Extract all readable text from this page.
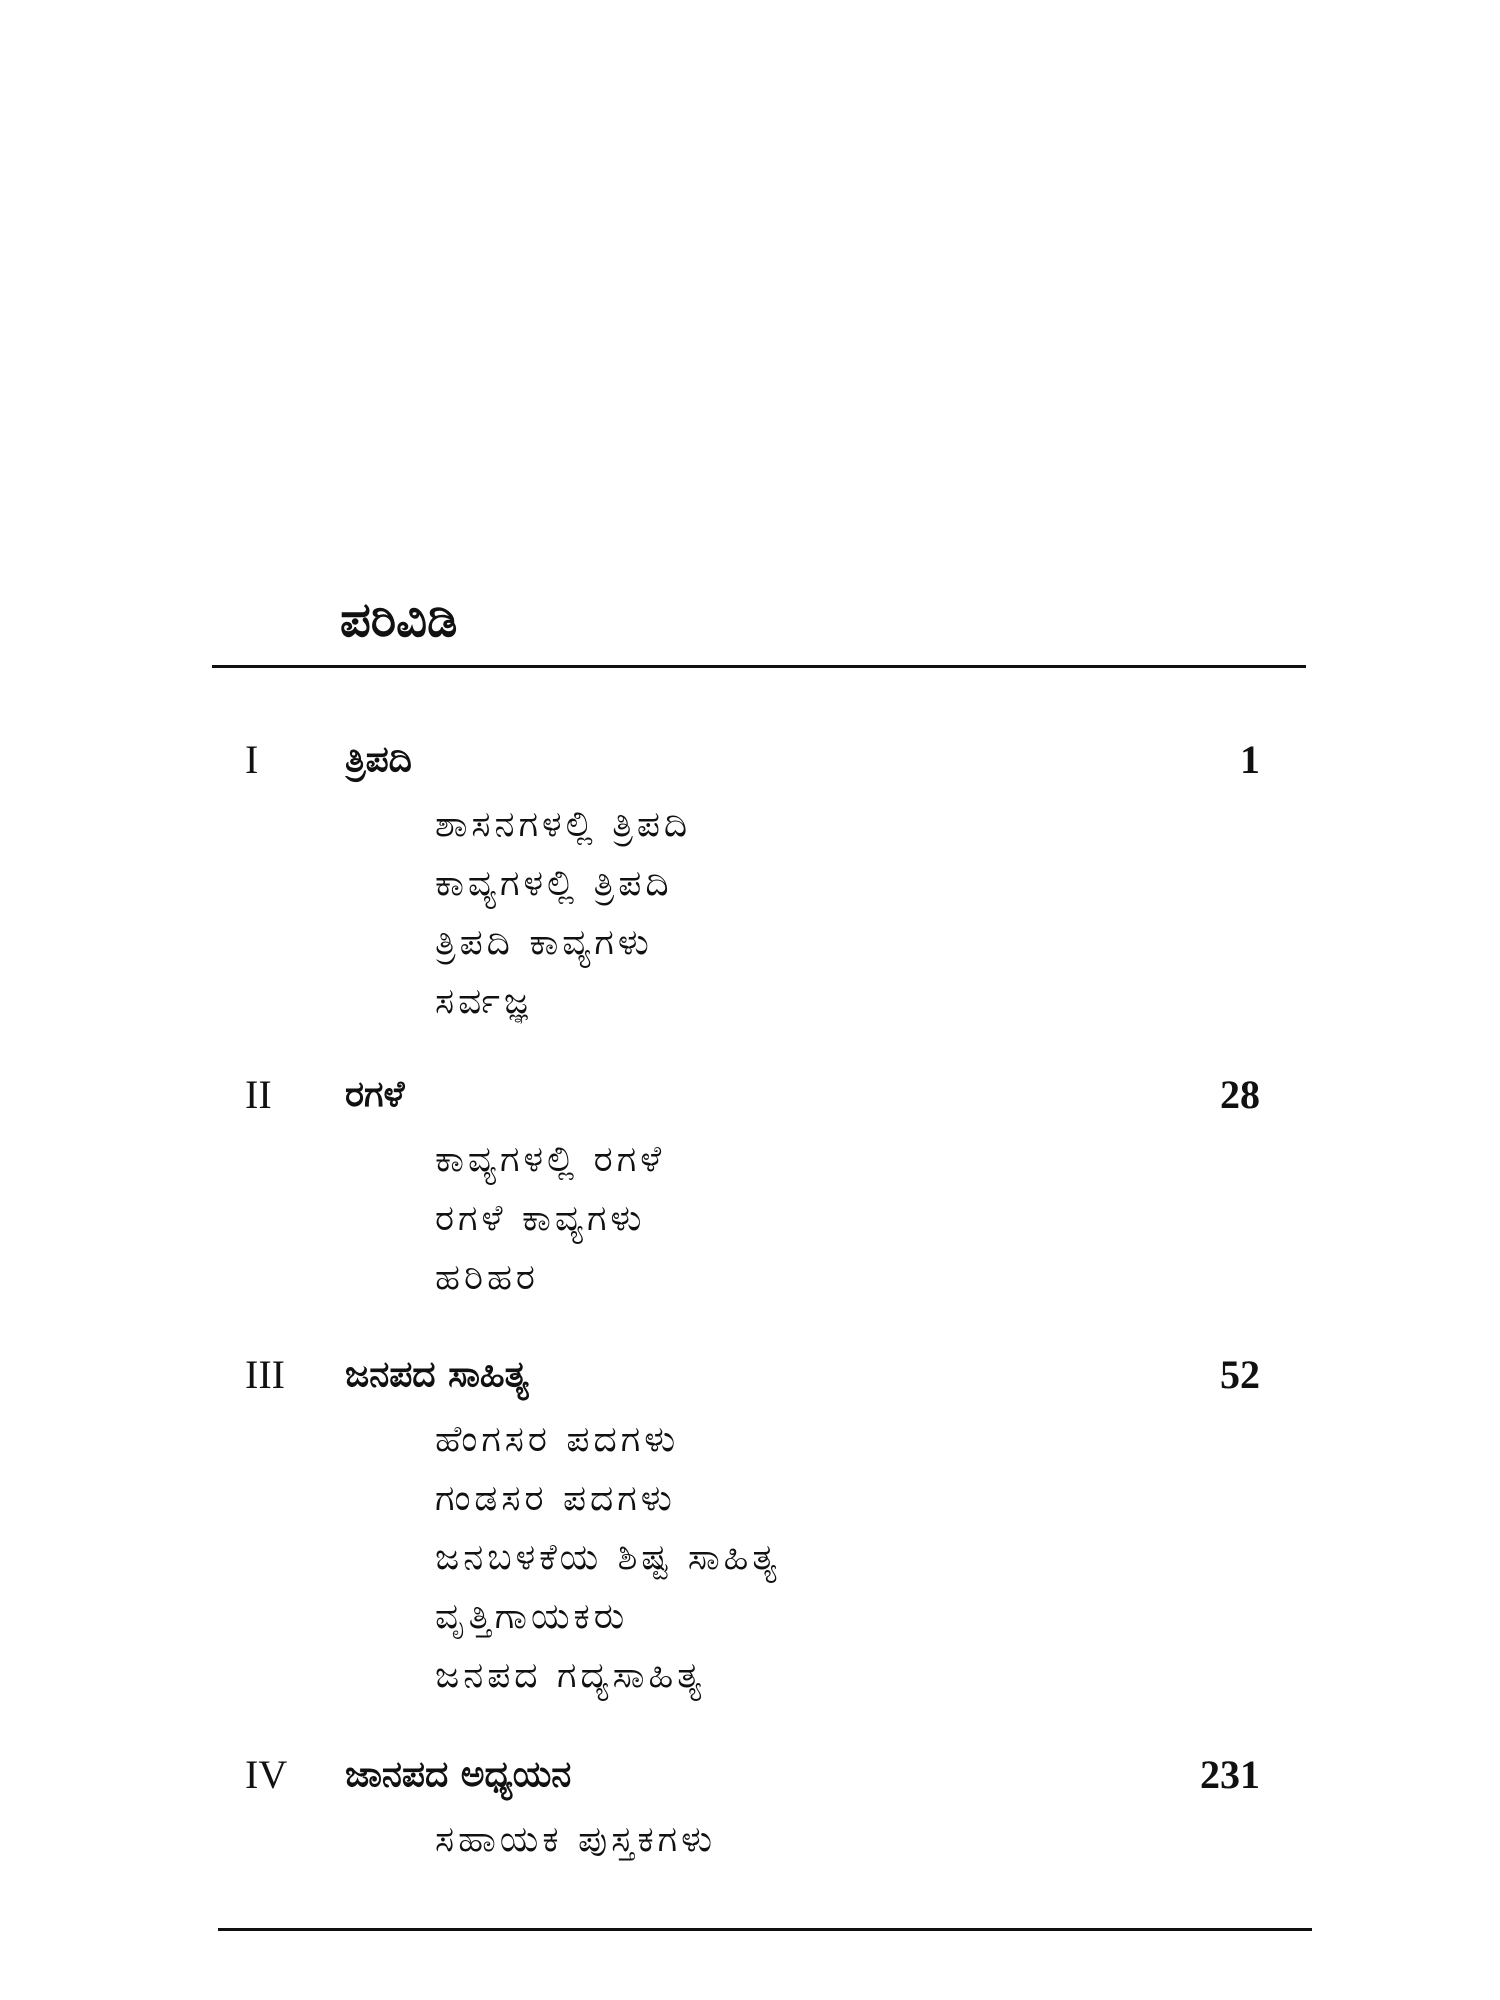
ಪರಿವಿಡಿ
I ತ್ರಿಪದಿ	1
ಶಾಸನಗಳಲ್ಲಿ ತ್ರಿಪದಿ
ಕಾವ್ಯಗಳಲ್ಲಿ ತ್ರಿಪದಿ
ತ್ರಿಪದಿ ಕಾವ್ಯಗಳು
ಸರ್ವಜ್ಞ
II ರಗಳೆ	28
ಕಾವ್ಯಗಳಲ್ಲಿ ರಗಳೆ
ರಗಳೆ ಕಾವ್ಯಗಳು
ಹರಿಹರ
III ಜನಪದ ಸಾಹಿತ್ಯ	52
ಹೆಂಗಸರ ಪದಗಳು
ಗಂಡಸರ ಪದಗಳು
ಜನಬಳಕೆಯ ಶಿಷ್ಟ ಸಾಹಿತ್ಯ
ವೃತ್ತಿಗಾಯಕರು
ಜನಪದ ಗದ್ಯಸಾಹಿತ್ಯ
IV ಜಾನಪದ ಅಧ್ಯಯನ	231
ಸಹಾಯಕ ಪುಸ್ತಕಗಳು
